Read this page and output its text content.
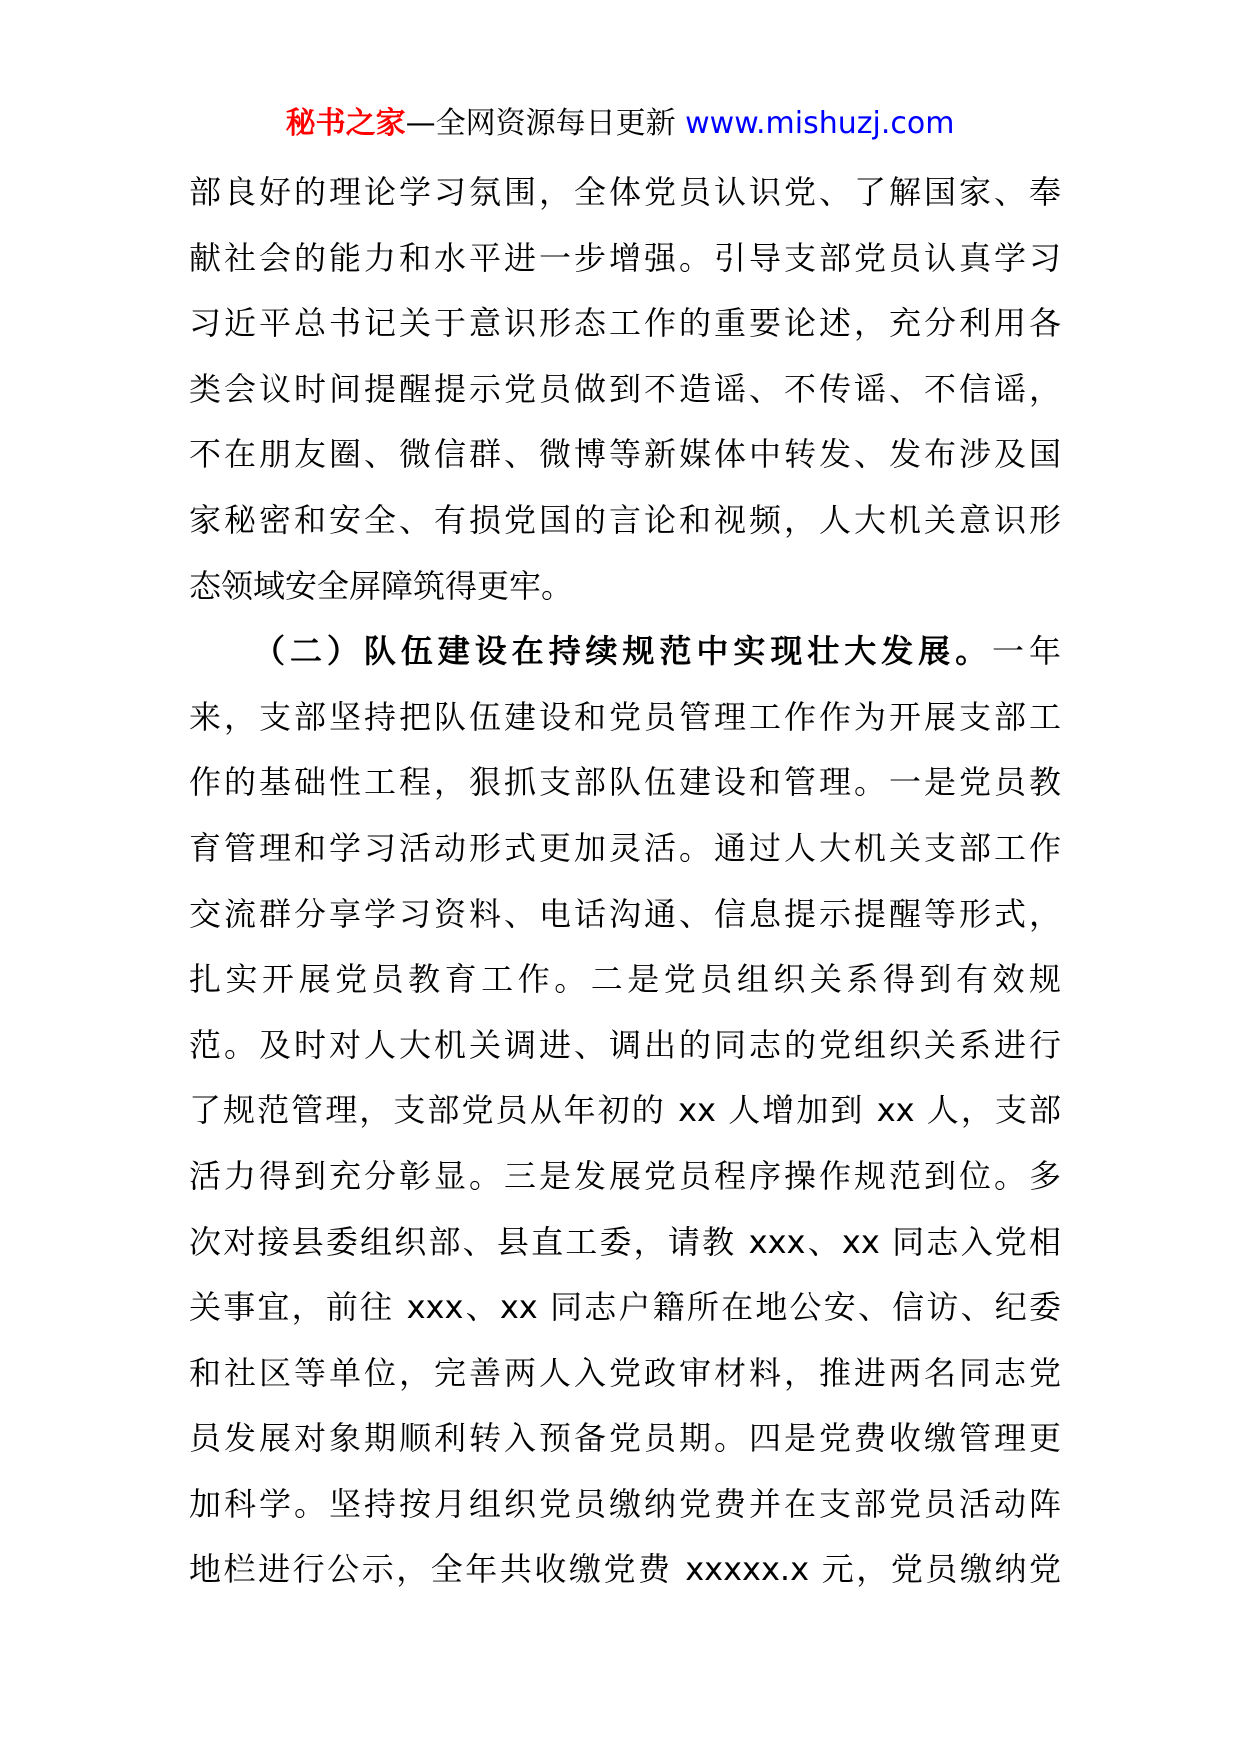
秘书之家—全网资源每日更新 www.mishuzj.com
部良好的理论学习氛围，全体党员认识党、了解国家、奉
献社会的能力和水平进一步增强。引导支部党员认真学习
习近平总书记关于意识形态工作的重要论述，充分利用各
类会议时间提醒提示党员做到不造谣、不传谣、不信谣，
不在朋友圈、微信群、微博等新媒体中转发、发布涉及国
家秘密和安全、有损党国的言论和视频，人大机关意识形
态领域安全屏障筑得更牢。
（二）队伍建设在持续规范中实现壮大发展。一年
来，支部坚持把队伍建设和党员管理工作作为开展支部工
作的基础性工程，狠抓支部队伍建设和管理。一是党员教
育管理和学习活动形式更加灵活。通过人大机关支部工作
交流群分享学习资料、电话沟通、信息提示提醒等形式，
扎实开展党员教育工作。二是党员组织关系得到有效规
范。及时对人大机关调进、调出的同志的党组织关系进行
了规范管理，支部党员从年初的 xx 人增加到 xx 人，支部
活力得到充分彰显。三是发展党员程序操作规范到位。多
次对接县委组织部、县直工委，请教 xxx、xx 同志入党相
关事宜，前往 xxx、xx 同志户籍所在地公安、信访、纪委
和社区等单位，完善两人入党政审材料，推进两名同志党
员发展对象期顺利转入预备党员期。四是党费收缴管理更
加科学。坚持按月组织党员缴纳党费并在支部党员活动阵
地栏进行公示，全年共收缴党费 xxxxx.x 元，党员缴纳党
